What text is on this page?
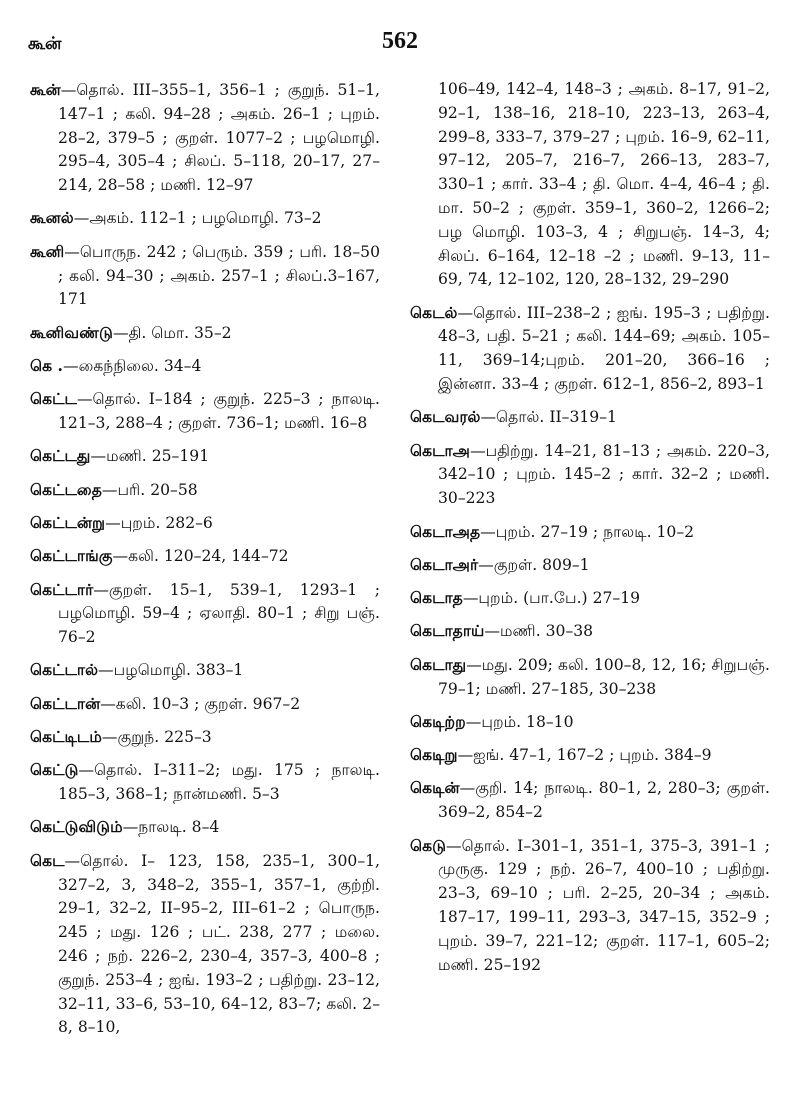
கூன்	562
கூன்—தொல். III–355–1, 356–1 ; குறுந். 51–1, 147–1 ; கலி. 94–28 ; அகம். 26–1 ; புறம். 28–2, 379–5 ; குறள். 1077–2 ; பழமொழி. 295–4, 305–4 ; சிலப். 5–118, 20–17, 27–214, 28–58 ; மணி. 12–97
கூனல்—அகம். 112–1 ; பழமொழி. 73–2
கூனி—பொருந. 242 ; பெரும். 359 ; பரி. 18–50 ; கலி. 94–30 ; அகம். 257–1 ; சிலப்.3–167, 171
கூனிவண்டு—தி. மொ. 35–2
கெ .—கைந்நிலை. 34–4
கெட்ட—தொல். I–184 ; குறுந். 225–3 ; நாலடி. 121–3, 288–4 ; குறள். 736–1; மணி. 16–8
கெட்டது—மணி. 25–191
கெட்டதை—பரி. 20–58
கெட்டன்று—புறம். 282–6
கெட்டாங்கு—கலி. 120–24, 144–72
கெட்டார்—குறள். 15–1, 539–1, 1293–1 ; பழமொழி. 59–4 ; ஏலாதி. 80–1 ; சிறு பஞ். 76–2
கெட்டால்—பழமொழி. 383–1
கெட்டான்—கலி. 10–3 ; குறள். 967–2
கெட்டிடம்—குறுந். 225–3
கெட்டு—தொல். I–311–2; மது. 175 ; நாலடி. 185–3, 368–1; நான்மணி. 5–3
கெட்டுவிடும்—நாலடி. 8–4
கெட—தொல். I– 123, 158, 235–1, 300–1, 327–2, 3, 348–2, 355–1, 357–1, குற்றி. 29–1, 32–2, II–95–2, III–61–2 ; பொருந. 245 ; மது. 126 ; பட். 238, 277 ; மலை. 246 ; நற். 226–2, 230–4, 357–3, 400–8 ; குறுந். 253–4 ; ஐங். 193–2 ; பதிற்று. 23–12, 32–11, 33–6, 53–10, 64–12, 83–7; கலி. 2–8, 8–10,
106–49, 142–4, 148–3 ; அகம். 8–17, 91–2, 92–1, 138–16, 218–10, 223–13, 263–4, 299–8, 333–7, 379–27 ; புறம். 16–9, 62–11, 97–12, 205–7, 216–7, 266–13, 283–7, 330–1 ; கார். 33–4 ; தி. மொ. 4–4, 46–4 ; தி. மா. 50–2 ; குறள். 359–1, 360–2, 1266–2; பழ மொழி. 103–3, 4 ; சிறுபஞ். 14–3, 4; சிலப். 6–164, 12–18 –2 ; மணி. 9–13, 11–69, 74, 12–102, 120, 28–132, 29–290
கெடல்—தொல். III–238–2 ; ஐங். 195–3 ; பதிற்று. 48–3, பதி. 5–21 ; கலி. 144–69; அகம். 105–11, 369–14;புறம். 201–20, 366–16 ; இன்னா. 33–4 ; குறள். 612–1, 856–2, 893–1
கெடவரல்—தொல். II–319–1
கெடாஅ—பதிற்று. 14–21, 81–13 ; அகம். 220–3, 342–10 ; புறம். 145–2 ; கார். 32–2 ; மணி. 30–223
கெடாஅத—புறம். 27–19 ; நாலடி. 10–2
கெடாஅர்—குறள். 809–1
கெடாத—புறம். (பா.பே.) 27–19
கெடாதாய்—மணி. 30–38
கெடாது—மது. 209; கலி. 100–8, 12, 16; சிறுபஞ். 79–1; மணி. 27–185, 30–238
கெடிற்ற—புறம். 18–10
கெடிறு—ஐங். 47–1, 167–2 ; புறம். 384–9
கெடின்—குறி. 14; நாலடி. 80–1, 2, 280–3; குறள். 369–2, 854–2
கெடு—தொல். I–301–1, 351–1, 375–3, 391–1 ; முருகு. 129 ; நற். 26–7, 400–10 ; பதிற்று. 23–3, 69–10 ; பரி. 2–25, 20–34 ; அகம். 187–17, 199–11, 293–3, 347–15, 352–9 ; புறம். 39–7, 221–12; குறள். 117–1, 605–2; மணி. 25–192
